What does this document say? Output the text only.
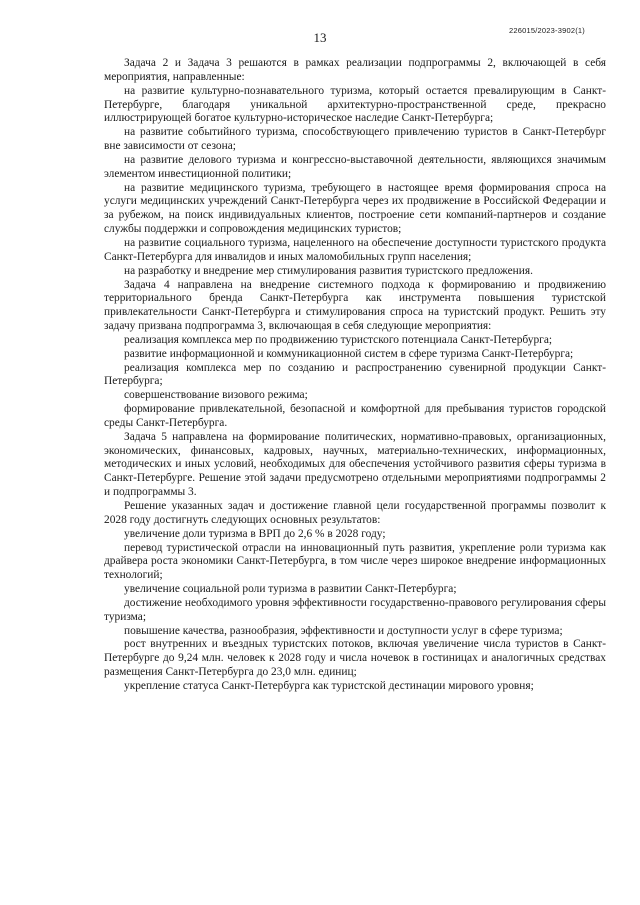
13	226015/2023-3902(1)

Задача 2 и Задача 3 решаются в рамках реализации подпрограммы 2, включающей в себя мероприятия, направленные:

на развитие культурно-познавательного туризма, который остается превалирующим в Санкт-Петербурге, благодаря уникальной архитектурно-пространственной среде, прекрасно иллюстрирующей богатое культурно-историческое наследие Санкт-Петербурга;

на развитие событийного туризма, способствующего привлечению туристов в Санкт-Петербург вне зависимости от сезона;

на развитие делового туризма и конгрессно-выставочной деятельности, являющихся значимым элементом инвестиционной политики;

на развитие медицинского туризма, требующего в настоящее время формирования спроса на услуги медицинских учреждений Санкт-Петербурга через их продвижение в Российской Федерации и за рубежом, на поиск индивидуальных клиентов, построение сети компаний-партнеров и создание службы поддержки и сопровождения медицинских туристов;

на развитие социального туризма, нацеленного на обеспечение доступности туристского продукта Санкт-Петербурга для инвалидов и иных маломобильных групп населения;

на разработку и внедрение мер стимулирования развития туристского предложения.

Задача 4 направлена на внедрение системного подхода к формированию и продвижению территориального бренда Санкт-Петербурга как инструмента повышения туристской привлекательности Санкт-Петербурга и стимулирования спроса на туристский продукт. Решить эту задачу призвана подпрограмма 3, включающая в себя следующие мероприятия:

реализация комплекса мер по продвижению туристского потенциала Санкт-Петербурга;

развитие информационной и коммуникационной систем в сфере туризма Санкт-Петербурга;

реализация комплекса мер по созданию и распространению сувенирной продукции Санкт-Петербурга;

совершенствование визового режима;

формирование привлекательной, безопасной и комфортной для пребывания туристов городской среды Санкт-Петербурга.

Задача 5 направлена на формирование политических, нормативно-правовых, организационных, экономических, финансовых, кадровых, научных, материально-технических, информационных, методических и иных условий, необходимых для обеспечения устойчивого развития сферы туризма в Санкт-Петербурге. Решение этой задачи предусмотрено отдельными мероприятиями подпрограммы 2 и подпрограммы 3.

Решение указанных задач и достижение главной цели государственной программы позволит к 2028 году достигнуть следующих основных результатов:

увеличение доли туризма в ВРП до 2,6 % в 2028 году;

перевод туристической отрасли на инновационный путь развития, укрепление роли туризма как драйвера роста экономики Санкт-Петербурга, в том числе через широкое внедрение информационных технологий;

увеличение социальной роли туризма в развитии Санкт-Петербурга;

достижение необходимого уровня эффективности государственно-правового регулирования сферы туризма;

повышение качества, разнообразия, эффективности и доступности услуг в сфере туризма;

рост внутренних и въездных туристских потоков, включая увеличение числа туристов в Санкт-Петербурге до 9,24 млн. человек к 2028 году и числа ночевок в гостиницах и аналогичных средствах размещения Санкт-Петербурга до 23,0 млн. единиц;

укрепление статуса Санкт-Петербурга как туристской дестинации мирового уровня;
